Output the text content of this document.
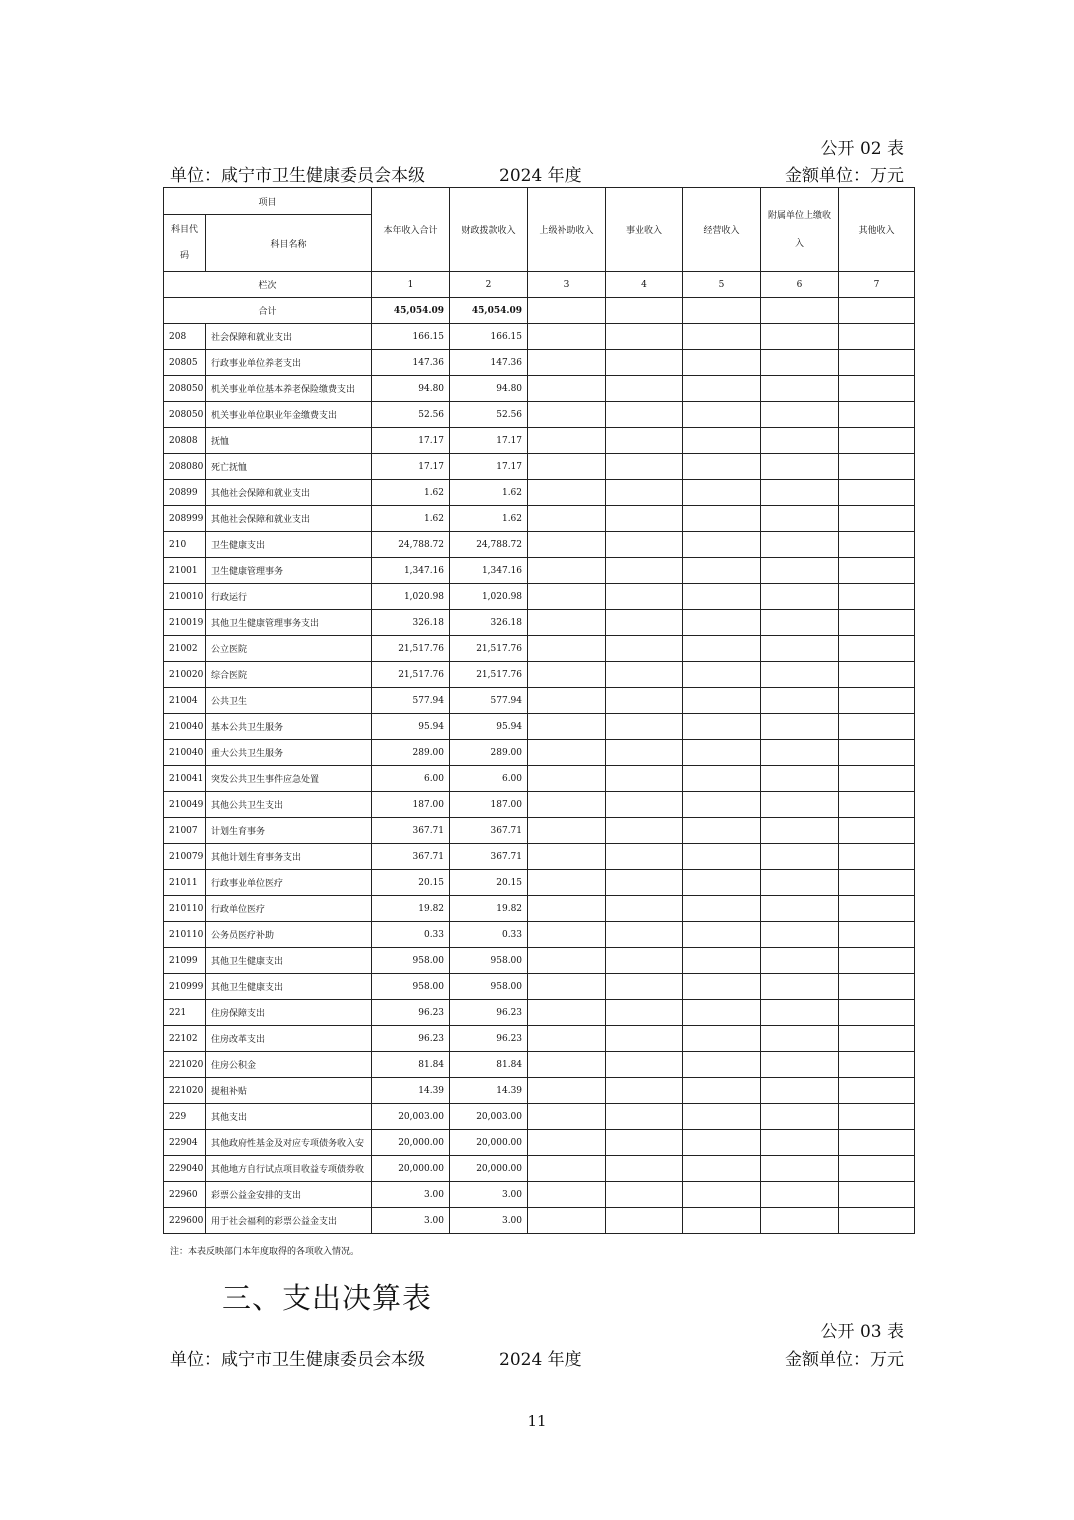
公开 02 表
单位：咸宁市卫生健康委员会本级	2024 年度	金额单位：万元
项目		本年收入合计	财政拨款收入	上级补助收入	事业收入	经营收入	附属单位上缴收入	其他收入
科目代码	科目名称							
栏次		1	2	3	4	5	6	7
合计		45,054.09	45,054.09					
208	社会保障和就业支出	166.15	166.15					
20805	行政事业单位养老支出	147.36	147.36					
208050	机关事业单位基本养老保险缴费支出	94.80	94.80					
208050	机关事业单位职业年金缴费支出	52.56	52.56					
20808	抚恤	17.17	17.17					
208080	死亡抚恤	17.17	17.17					
20899	其他社会保障和就业支出	1.62	1.62					
208999	其他社会保障和就业支出	1.62	1.62					
210	卫生健康支出	24,788.72	24,788.72					
21001	卫生健康管理事务	1,347.16	1,347.16					
210010	行政运行	1,020.98	1,020.98					
210019	其他卫生健康管理事务支出	326.18	326.18					
21002	公立医院	21,517.76	21,517.76					
210020	综合医院	21,517.76	21,517.76					
21004	公共卫生	577.94	577.94					
210040	基本公共卫生服务	95.94	95.94					
210040	重大公共卫生服务	289.00	289.00					
210041	突发公共卫生事件应急处置	6.00	6.00					
210049	其他公共卫生支出	187.00	187.00					
21007	计划生育事务	367.71	367.71					
210079	其他计划生育事务支出	367.71	367.71					
21011	行政事业单位医疗	20.15	20.15					
210110	行政单位医疗	19.82	19.82					
210110	公务员医疗补助	0.33	0.33					
21099	其他卫生健康支出	958.00	958.00					
210999	其他卫生健康支出	958.00	958.00					
221	住房保障支出	96.23	96.23					
22102	住房改革支出	96.23	96.23					
221020	住房公积金	81.84	81.84					
221020	提租补贴	14.39	14.39					
229	其他支出	20,003.00	20,003.00					
22904	其他政府性基金及对应专项债务收入安	20,000.00	20,000.00					
229040	其他地方自行试点项目收益专项债券收	20,000.00	20,000.00					
22960	彩票公益金安排的支出	3.00	3.00					
229600	用于社会福利的彩票公益金支出	3.00	3.00					
注：本表反映部门本年度取得的各项收入情况。
三、支出决算表
公开 03 表
单位：咸宁市卫生健康委员会本级	2024 年度	金额单位：万元
11
